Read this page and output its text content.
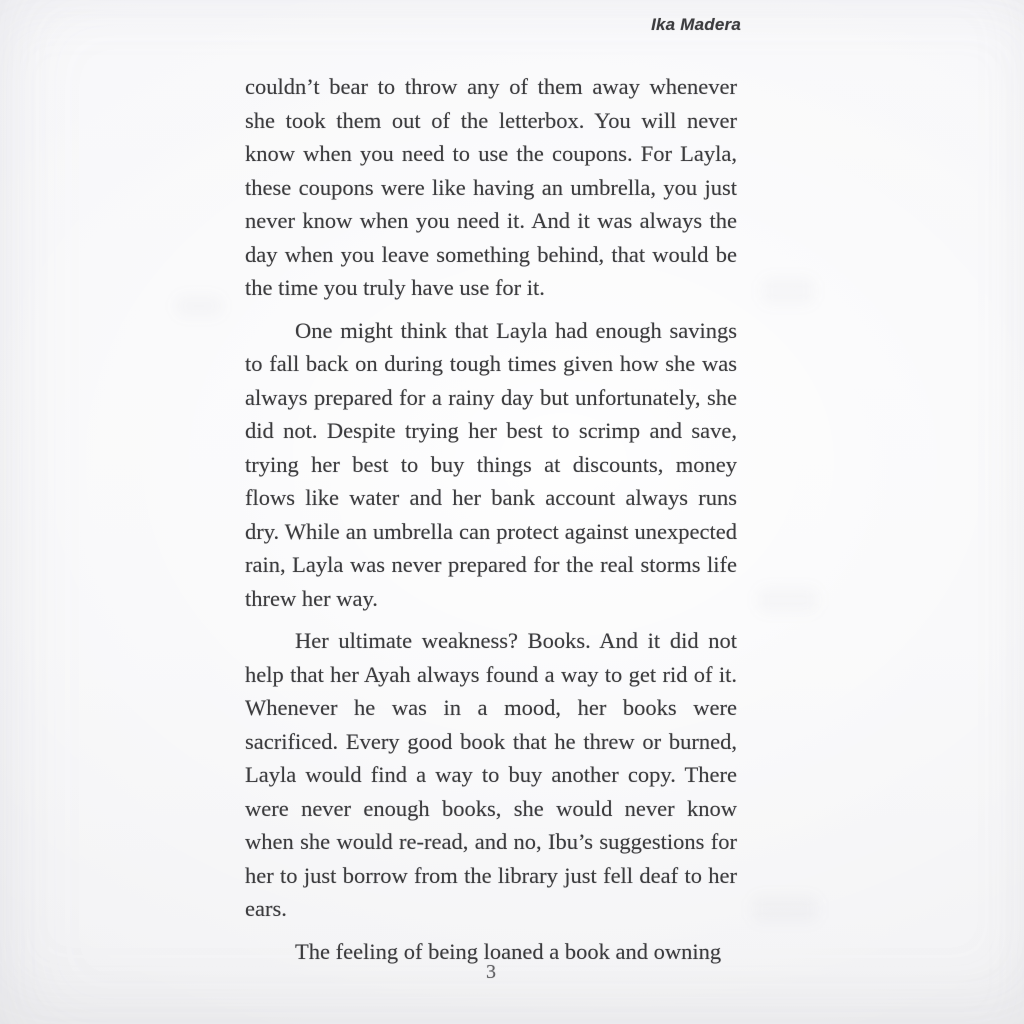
Ika Madera

couldn’t bear to throw any of them away whenever she took them out of the letterbox. You will never know when you need to use the coupons. For Layla, these coupons were like having an umbrella, you just never know when you need it. And it was always the day when you leave something behind, that would be the time you truly have use for it.

One might think that Layla had enough savings to fall back on during tough times given how she was always prepared for a rainy day but unfortunately, she did not. Despite trying her best to scrimp and save, trying her best to buy things at discounts, money flows like water and her bank account always runs dry. While an umbrella can protect against unexpected rain, Layla was never prepared for the real storms life threw her way.

Her ultimate weakness? Books. And it did not help that her Ayah always found a way to get rid of it. Whenever he was in a mood, her books were sacrificed. Every good book that he threw or burned, Layla would find a way to buy another copy. There were never enough books, she would never know when she would re-read, and no, Ibu’s suggestions for her to just borrow from the library just fell deaf to her ears.

The feeling of being loaned a book and owning

3
